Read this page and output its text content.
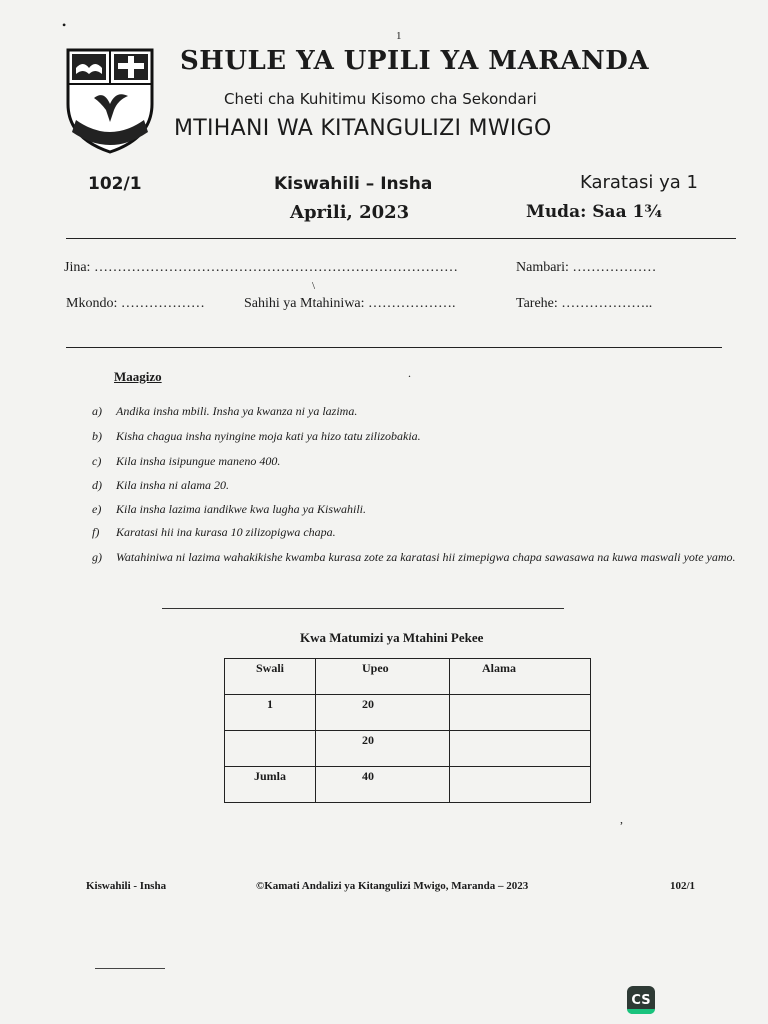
•
1
SHULE YA UPILI YA MARANDA
Cheti cha Kuhitimu Kisomo cha Sekondari
MTIHANI WA KITANGULIZI MWIGO
102/1	Kiswahili – Insha	Karatasi ya 1
Aprili, 2023	Muda: Saa 1¾
Jina: ……………………………………………………………………	Nambari: ………………
\
Mkondo: ………………	Sahihi ya Mtahiniwa: ……………….	Tarehe: ………………..
Maagizo	.
a) Andika insha mbili. Insha ya kwanza ni ya lazima.
b) Kisha chagua insha nyingine moja kati ya hizo tatu zilizobakia.
c) Kila insha isipungue maneno 400.
d) Kila insha ni alama 20.
e) Kila insha lazima iandikwe kwa lugha ya Kiswahili.
f) Karatasi hii ina kurasa 10 zilizopigwa chapa.
g) Watahiniwa ni lazima wahakikishe kwamba kurasa zote za karatasi hii zimepigwa chapa sawasawa na kuwa maswali yote yamo.
Kwa Matumizi ya Mtahini Pekee
Swali	Upeo	Alama
1	20	
	20	
Jumla	40	
,
Kiswahili - Insha	©Kamati Andalizi ya Kitangulizi Mwigo, Maranda – 2023	102/1
CS
